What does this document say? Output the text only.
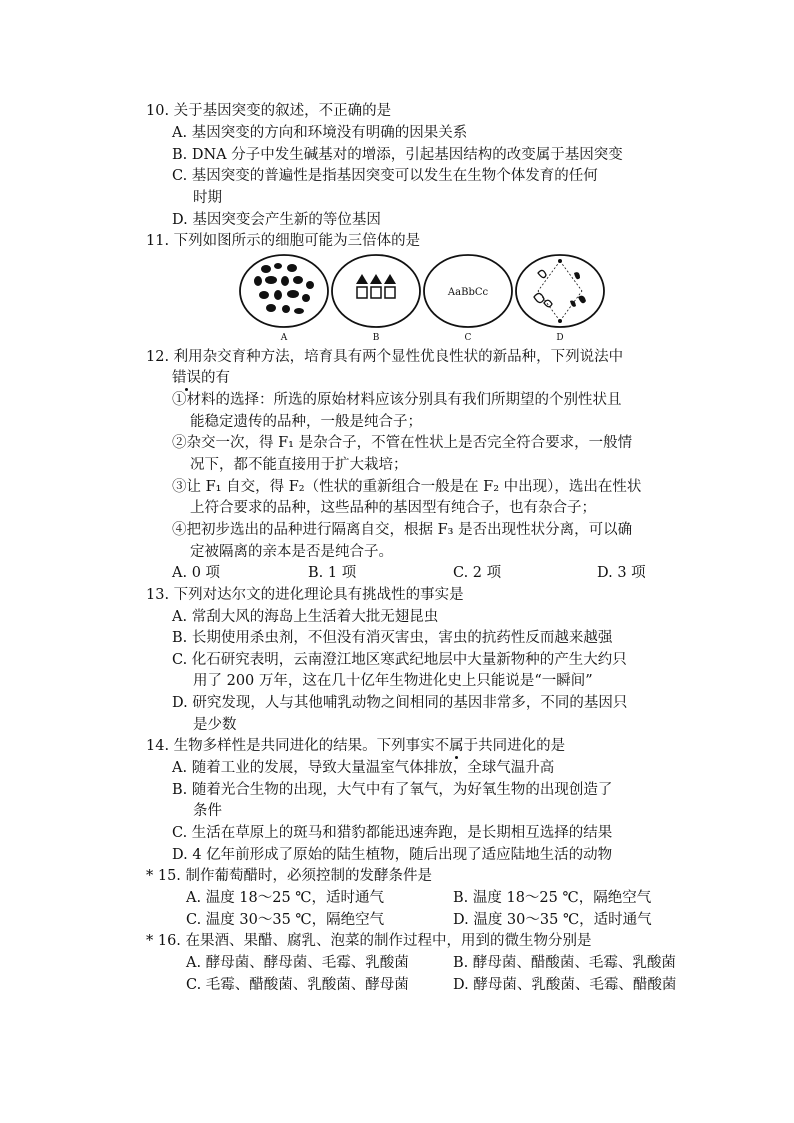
10. 关于基因突变的叙述，不正确的是
A. 基因突变的方向和环境没有明确的因果关系
B. DNA 分子中发生碱基对的增添，引起基因结构的改变属于基因突变
C. 基因突变的普遍性是指基因突变可以发生在生物个体发育的任何
时期
D. 基因突变会产生新的等位基因
11. 下列如图所示的细胞可能为三倍体的是
AaBbCc
A	B	C	D
12. 利用杂交育种方法，培育具有两个显性优良性状的新品种，下列说法中
错误的有
①材料的选择：所选的原始材料应该分别具有我们所期望的个别性状且
能稳定遗传的品种，一般是纯合子；
②杂交一次，得 F₁ 是杂合子，不管在性状上是否完全符合要求，一般情
况下，都不能直接用于扩大栽培；
③让 F₁ 自交，得 F₂（性状的重新组合一般是在 F₂ 中出现），选出在性状
上符合要求的品种，这些品种的基因型有纯合子，也有杂合子；
④把初步选出的品种进行隔离自交，根据 F₃ 是否出现性状分离，可以确
定被隔离的亲本是否是纯合子。
A. 0 项	B. 1 项	C. 2 项	D. 3 项
13. 下列对达尔文的进化理论具有挑战性的事实是
A. 常刮大风的海岛上生活着大批无翅昆虫
B. 长期使用杀虫剂，不但没有消灭害虫，害虫的抗药性反而越来越强
C. 化石研究表明，云南澄江地区寒武纪地层中大量新物种的产生大约只
用了 200 万年，这在几十亿年生物进化史上只能说是“一瞬间”
D. 研究发现，人与其他哺乳动物之间相同的基因非常多，不同的基因只
是少数
14. 生物多样性是共同进化的结果。下列事实不属于共同进化的是
A. 随着工业的发展，导致大量温室气体排放，全球气温升高
B. 随着光合生物的出现，大气中有了氧气，为好氧生物的出现创造了
条件
C. 生活在草原上的斑马和猎豹都能迅速奔跑，是长期相互选择的结果
D. 4 亿年前形成了原始的陆生植物，随后出现了适应陆地生活的动物
* 15. 制作葡萄醋时，必须控制的发酵条件是
A. 温度 18～25 ℃，适时通气	B. 温度 18～25 ℃，隔绝空气
C. 温度 30～35 ℃，隔绝空气	D. 温度 30～35 ℃，适时通气
* 16. 在果酒、果醋、腐乳、泡菜的制作过程中，用到的微生物分别是
A. 酵母菌、酵母菌、毛霉、乳酸菌	B. 酵母菌、醋酸菌、毛霉、乳酸菌
C. 毛霉、醋酸菌、乳酸菌、酵母菌	D. 酵母菌、乳酸菌、毛霉、醋酸菌
